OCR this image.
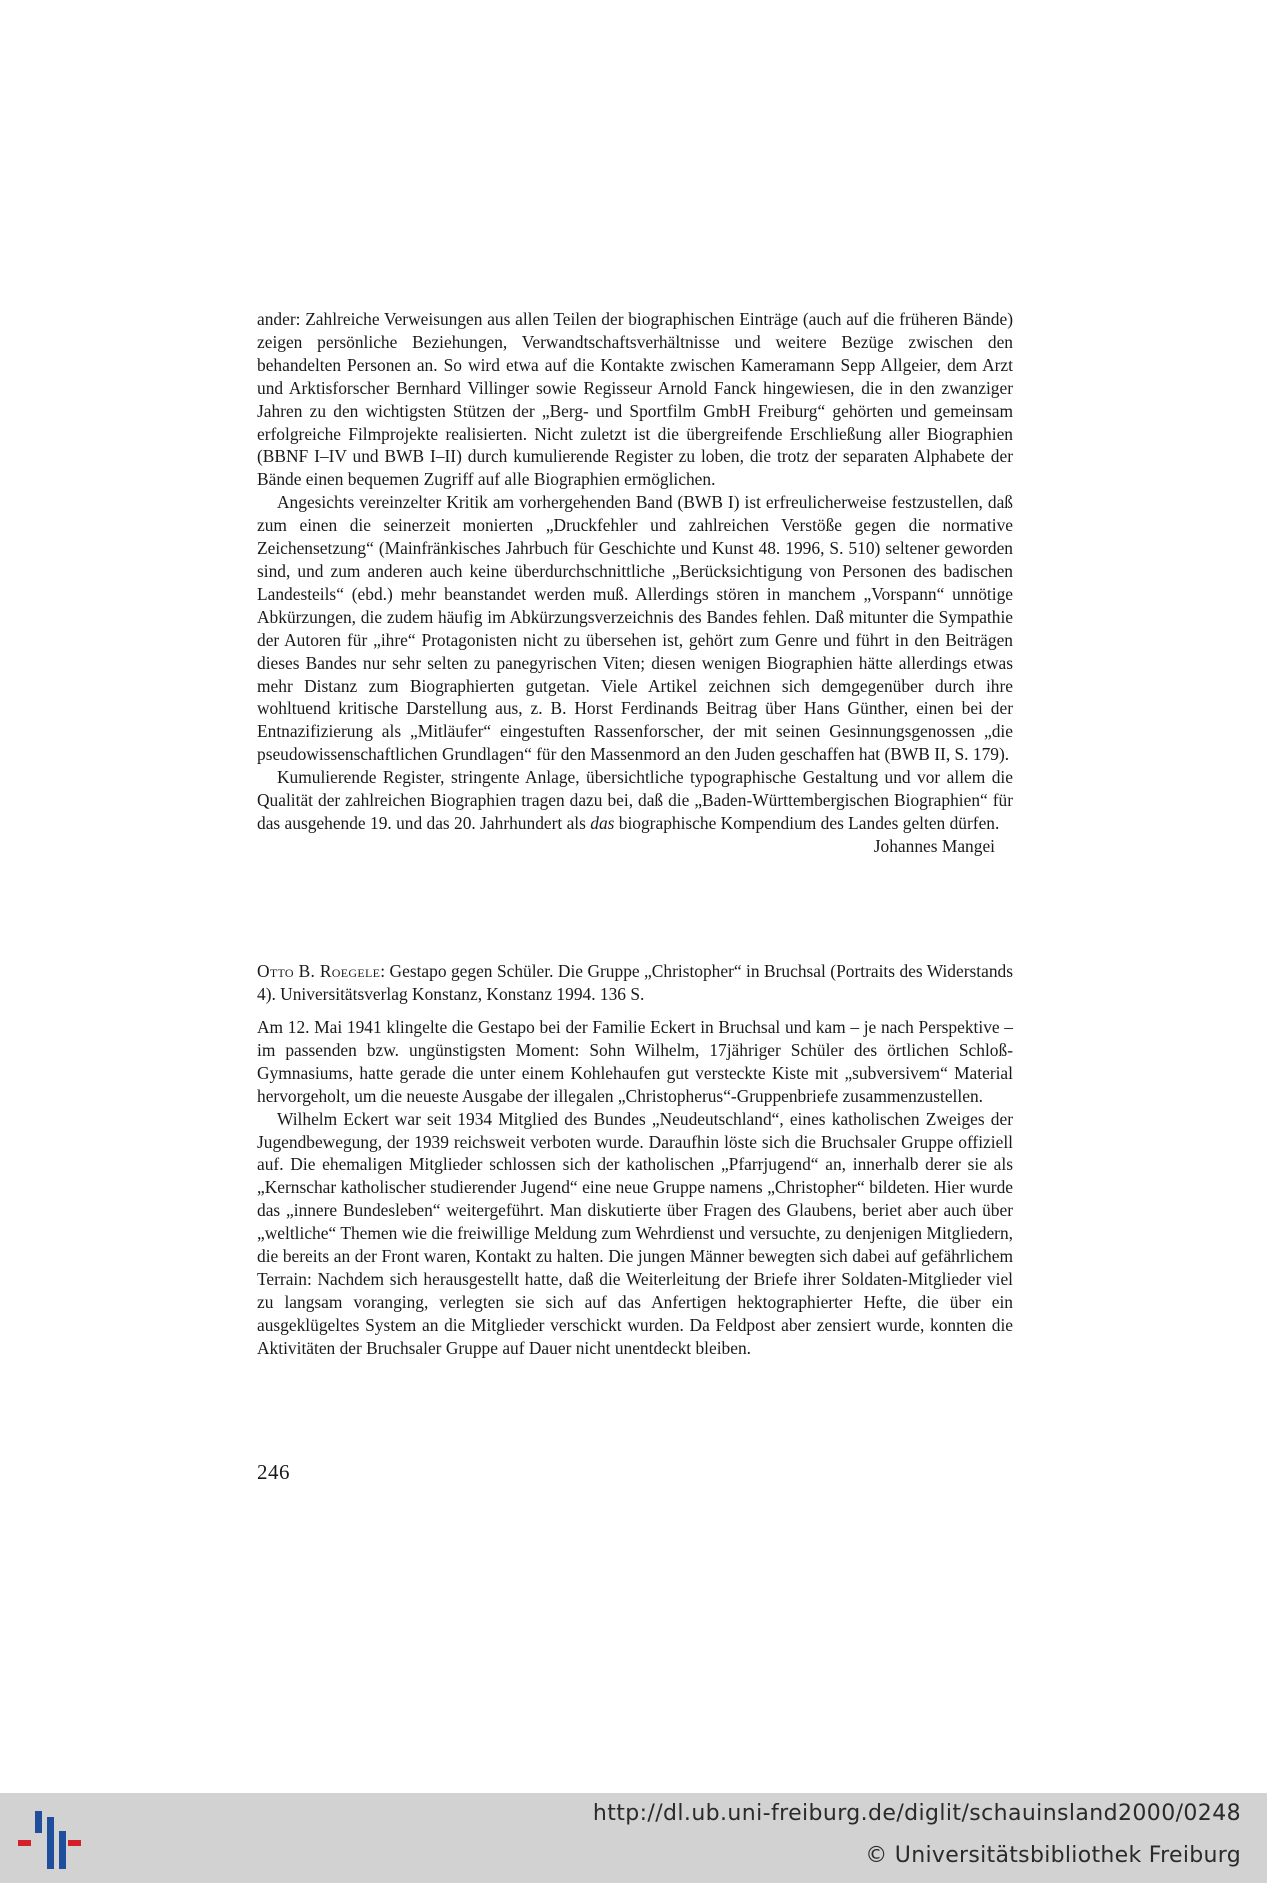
ander: Zahlreiche Verweisungen aus allen Teilen der biographischen Einträge (auch auf die früheren Bände) zeigen persönliche Beziehungen, Verwandtschaftsverhältnisse und weitere Bezüge zwischen den behandelten Personen an. So wird etwa auf die Kontakte zwischen Kameramann Sepp Allgeier, dem Arzt und Arktisforscher Bernhard Villinger sowie Regisseur Arnold Fanck hingewiesen, die in den zwanziger Jahren zu den wichtigsten Stützen der „Berg- und Sportfilm GmbH Freiburg“ gehörten und gemeinsam erfolgreiche Filmprojekte realisierten. Nicht zuletzt ist die übergreifende Erschließung aller Biographien (BBNF I–IV und BWB I–II) durch kumulierende Register zu loben, die trotz der separaten Alphabete der Bände einen bequemen Zugriff auf alle Biographien ermöglichen.

Angesichts vereinzelter Kritik am vorhergehenden Band (BWB I) ist erfreulicherweise festzustellen, daß zum einen die seinerzeit monierten „Druckfehler und zahlreichen Verstöße gegen die normative Zeichensetzung“ (Mainfränkisches Jahrbuch für Geschichte und Kunst 48. 1996, S. 510) seltener geworden sind, und zum anderen auch keine überdurchschnittliche „Berücksichtigung von Personen des badischen Landesteils“ (ebd.) mehr beanstandet werden muß. Allerdings stören in manchem „Vorspann“ unnötige Abkürzungen, die zudem häufig im Abkürzungsverzeichnis des Bandes fehlen. Daß mitunter die Sympathie der Autoren für „ihre“ Protagonisten nicht zu übersehen ist, gehört zum Genre und führt in den Beiträgen dieses Bandes nur sehr selten zu panegyrischen Viten; diesen wenigen Biographien hätte allerdings etwas mehr Distanz zum Biographierten gutgetan. Viele Artikel zeichnen sich demgegenüber durch ihre wohltuend kritische Darstellung aus, z. B. Horst Ferdinands Beitrag über Hans Günther, einen bei der Entnazifizierung als „Mitläufer“ eingestuften Rassenforscher, der mit seinen Gesinnungsgenossen „die pseudowissenschaftlichen Grundlagen“ für den Massenmord an den Juden geschaffen hat (BWB II, S. 179).

Kumulierende Register, stringente Anlage, übersichtliche typographische Gestaltung und vor allem die Qualität der zahlreichen Biographien tragen dazu bei, daß die „Baden-Württembergischen Biographien“ für das ausgehende 19. und das 20. Jahrhundert als das biographische Kompendium des Landes gelten dürfen.
Johannes Mangei

Otto B. Roegele: Gestapo gegen Schüler. Die Gruppe „Christopher“ in Bruchsal (Portraits des Widerstands 4). Universitätsverlag Konstanz, Konstanz 1994. 136 S.

Am 12. Mai 1941 klingelte die Gestapo bei der Familie Eckert in Bruchsal und kam – je nach Perspektive – im passenden bzw. ungünstigsten Moment: Sohn Wilhelm, 17jähriger Schüler des örtlichen Schloß-Gymnasiums, hatte gerade die unter einem Kohlehaufen gut versteckte Kiste mit „subversivem“ Material hervorgeholt, um die neueste Ausgabe der illegalen „Christopherus“-Gruppenbriefe zusammenzustellen.

Wilhelm Eckert war seit 1934 Mitglied des Bundes „Neudeutschland“, eines katholischen Zweiges der Jugendbewegung, der 1939 reichsweit verboten wurde. Daraufhin löste sich die Bruchsaler Gruppe offiziell auf. Die ehemaligen Mitglieder schlossen sich der katholischen „Pfarrjugend“ an, innerhalb derer sie als „Kernschar katholischer studierender Jugend“ eine neue Gruppe namens „Christopher“ bildeten. Hier wurde das „innere Bundesleben“ weitergeführt. Man diskutierte über Fragen des Glaubens, beriet aber auch über „weltliche“ Themen wie die freiwillige Meldung zum Wehrdienst und versuchte, zu denjenigen Mitgliedern, die bereits an der Front waren, Kontakt zu halten. Die jungen Männer bewegten sich dabei auf gefährlichem Terrain: Nachdem sich herausgestellt hatte, daß die Weiterleitung der Briefe ihrer Soldaten-Mitglieder viel zu langsam voranging, verlegten sie sich auf das Anfertigen hektographierter Hefte, die über ein ausgeklügeltes System an die Mitglieder verschickt wurden. Da Feldpost aber zensiert wurde, konnten die Aktivitäten der Bruchsaler Gruppe auf Dauer nicht unentdeckt bleiben.

246
http://dl.ub.uni-freiburg.de/diglit/schauinsland2000/0248
© Universitätsbibliothek Freiburg
